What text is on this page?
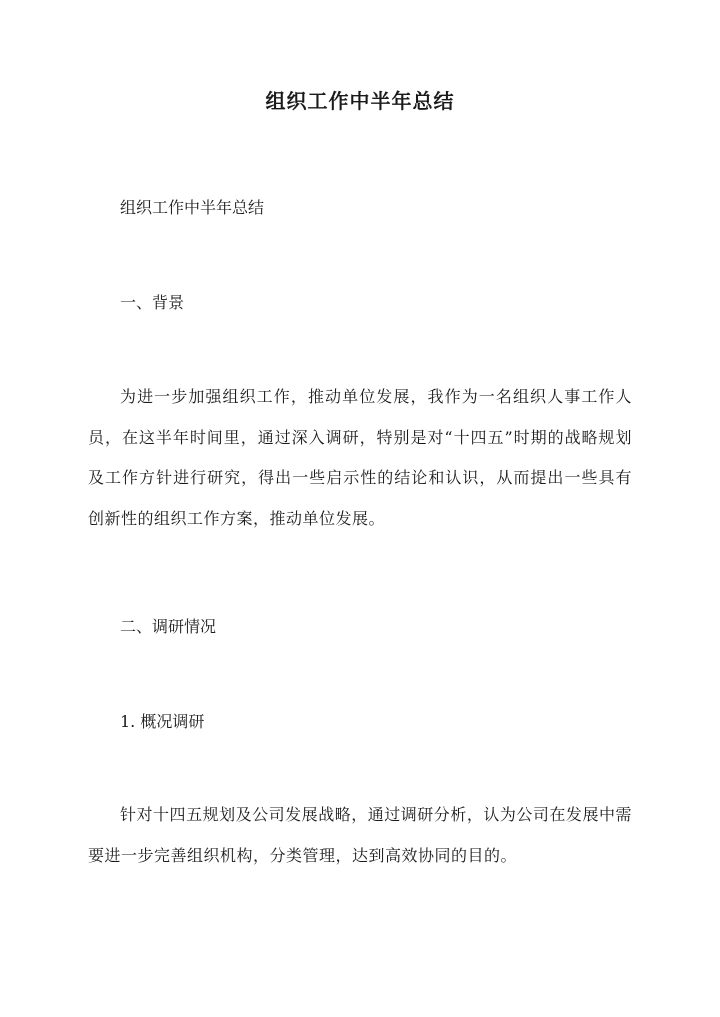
组织工作中半年总结
组织工作中半年总结
一、背景
为进一步加强组织工作，推动单位发展，我作为一名组织人事工作人员，在这半年时间里，通过深入调研，特别是对“十四五”时期的战略规划及工作方针进行研究，得出一些启示性的结论和认识，从而提出一些具有创新性的组织工作方案，推动单位发展。
二、调研情况
1. 概况调研
针对十四五规划及公司发展战略，通过调研分析，认为公司在发展中需要进一步完善组织机构，分类管理，达到高效协同的目的。
